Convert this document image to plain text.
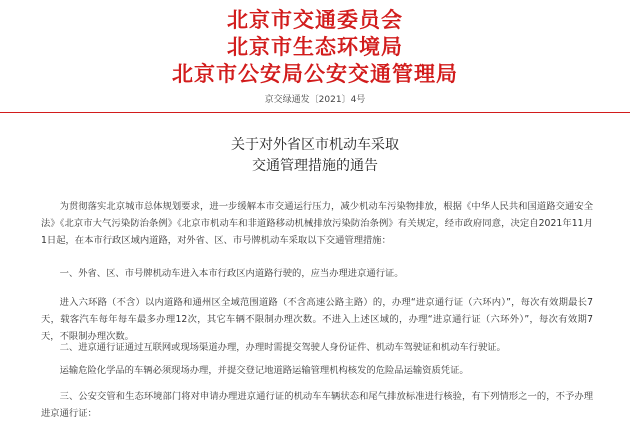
北京市交通委员会
北京市生态环境局
北京市公安局公安交通管理局
京交绿通发〔2021〕4号
关于对外省区市机动车采取
交通管理措施的通告

为贯彻落实北京城市总体规划要求，进一步缓解本市交通运行压力，减少机动车污染物排放，根据《中华人民共和国道路交通安全法》《北京市大气污染防治条例》《北京市机动车和非道路移动机械排放污染防治条例》有关规定，经市政府同意，决定自2021年11月1日起，在本市行政区域内道路，对外省、区、市号牌机动车采取以下交通管理措施：

一、外省、区、市号牌机动车进入本市行政区内道路行驶的，应当办理进京通行证。

进入六环路（不含）以内道路和通州区全域范围道路（不含高速公路主路）的，办理“进京通行证（六环内）”，每次有效期最长7天，载客汽车每年每车最多办理12次，其它车辆不限制办理次数。不进入上述区域的，办理“进京通行证（六环外）”，每次有效期7天，不限制办理次数。

二、进京通行证通过互联网或现场渠道办理，办理时需提交驾驶人身份证件、机动车驾驶证和机动车行驶证。

运输危险化学品的车辆必须现场办理，并提交登记地道路运输管理机构核发的危险品运输资质凭证。

三、公安交管和生态环境部门将对申请办理进京通行证的机动车车辆状态和尾气排放标准进行核验，有下列情形之一的，不予办理进京通行证：
